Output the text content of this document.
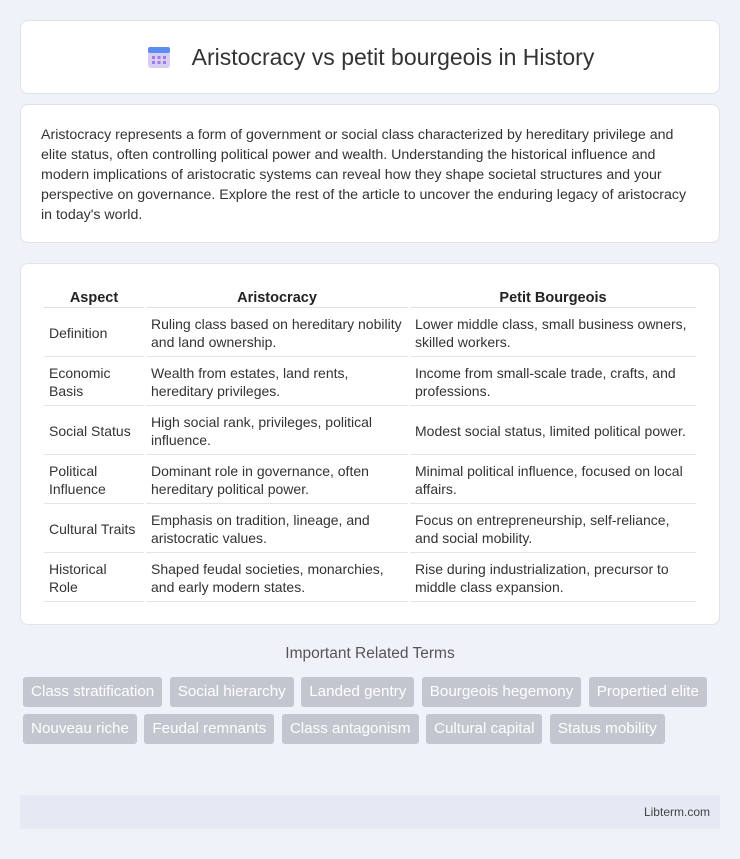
Aristocracy vs petit bourgeois in History

Aristocracy represents a form of government or social class characterized by hereditary privilege and elite status, often controlling political power and wealth. Understanding the historical influence and modern implications of aristocratic systems can reveal how they shape societal structures and your perspective on governance. Explore the rest of the article to uncover the enduring legacy of aristocracy in today's world.

Aspect	Aristocracy	Petit Bourgeois
Definition	Ruling class based on hereditary nobility and land ownership.	Lower middle class, small business owners, skilled workers.
Economic Basis	Wealth from estates, land rents, hereditary privileges.	Income from small-scale trade, crafts, and professions.
Social Status	High social rank, privileges, political influence.	Modest social status, limited political power.
Political Influence	Dominant role in governance, often hereditary political power.	Minimal political influence, focused on local affairs.
Cultural Traits	Emphasis on tradition, lineage, and aristocratic values.	Focus on entrepreneurship, self-reliance, and social mobility.
Historical Role	Shaped feudal societies, monarchies, and early modern states.	Rise during industrialization, precursor to middle class expansion.
Important Related Terms
Class stratification Social hierarchy Landed gentry Bourgeois hegemony Propertied elite Nouveau riche Feudal remnants Class antagonism Cultural capital Status mobility
Libterm.com
